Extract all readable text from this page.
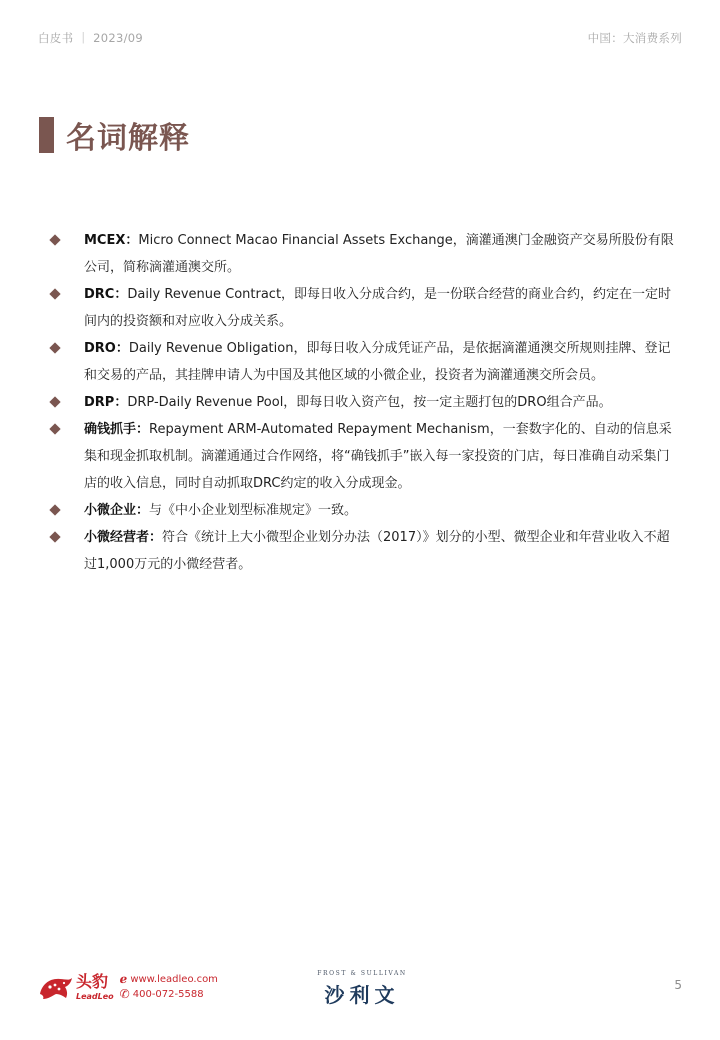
白皮书 ｜ 2023/09	中国：大消费系列
名词解释
MCEX：Micro Connect Macao Financial Assets Exchange，滴灌通澳门金融资产交易所股份有限公司，简称滴灌通澳交所。
DRC：Daily Revenue Contract，即每日收入分成合约，是一份联合经营的商业合约，约定在一定时间内的投资额和对应收入分成关系。
DRO：Daily Revenue Obligation，即每日收入分成凭证产品，是依据滴灌通澳交所规则挂牌、登记和交易的产品，其挂牌申请人为中国及其他区域的小微企业，投资者为滴灌通澳交所会员。
DRP：DRP-Daily Revenue Pool，即每日收入资产包，按一定主题打包的DRO组合产品。
确钱抓手：Repayment ARM-Automated Repayment Mechanism，一套数字化的、自动的信息采集和现金抓取机制。滴灌通通过合作网络，将“确钱抓手”嵌入每一家投资的门店，每日准确自动采集门店的收入信息，同时自动抓取DRC约定的收入分成现金。
小微企业：与《中小企业划型标准规定》一致。
小微经营者：符合《统计上大小微型企业划分办法（2017）》划分的小型、微型企业和年营业收入不超过1,000万元的小微经营者。
头豹
LeadLeo
ℯ www.leadleo.com
✆ 400-072-5588
FROST & SULLIVAN
沙利文	5
